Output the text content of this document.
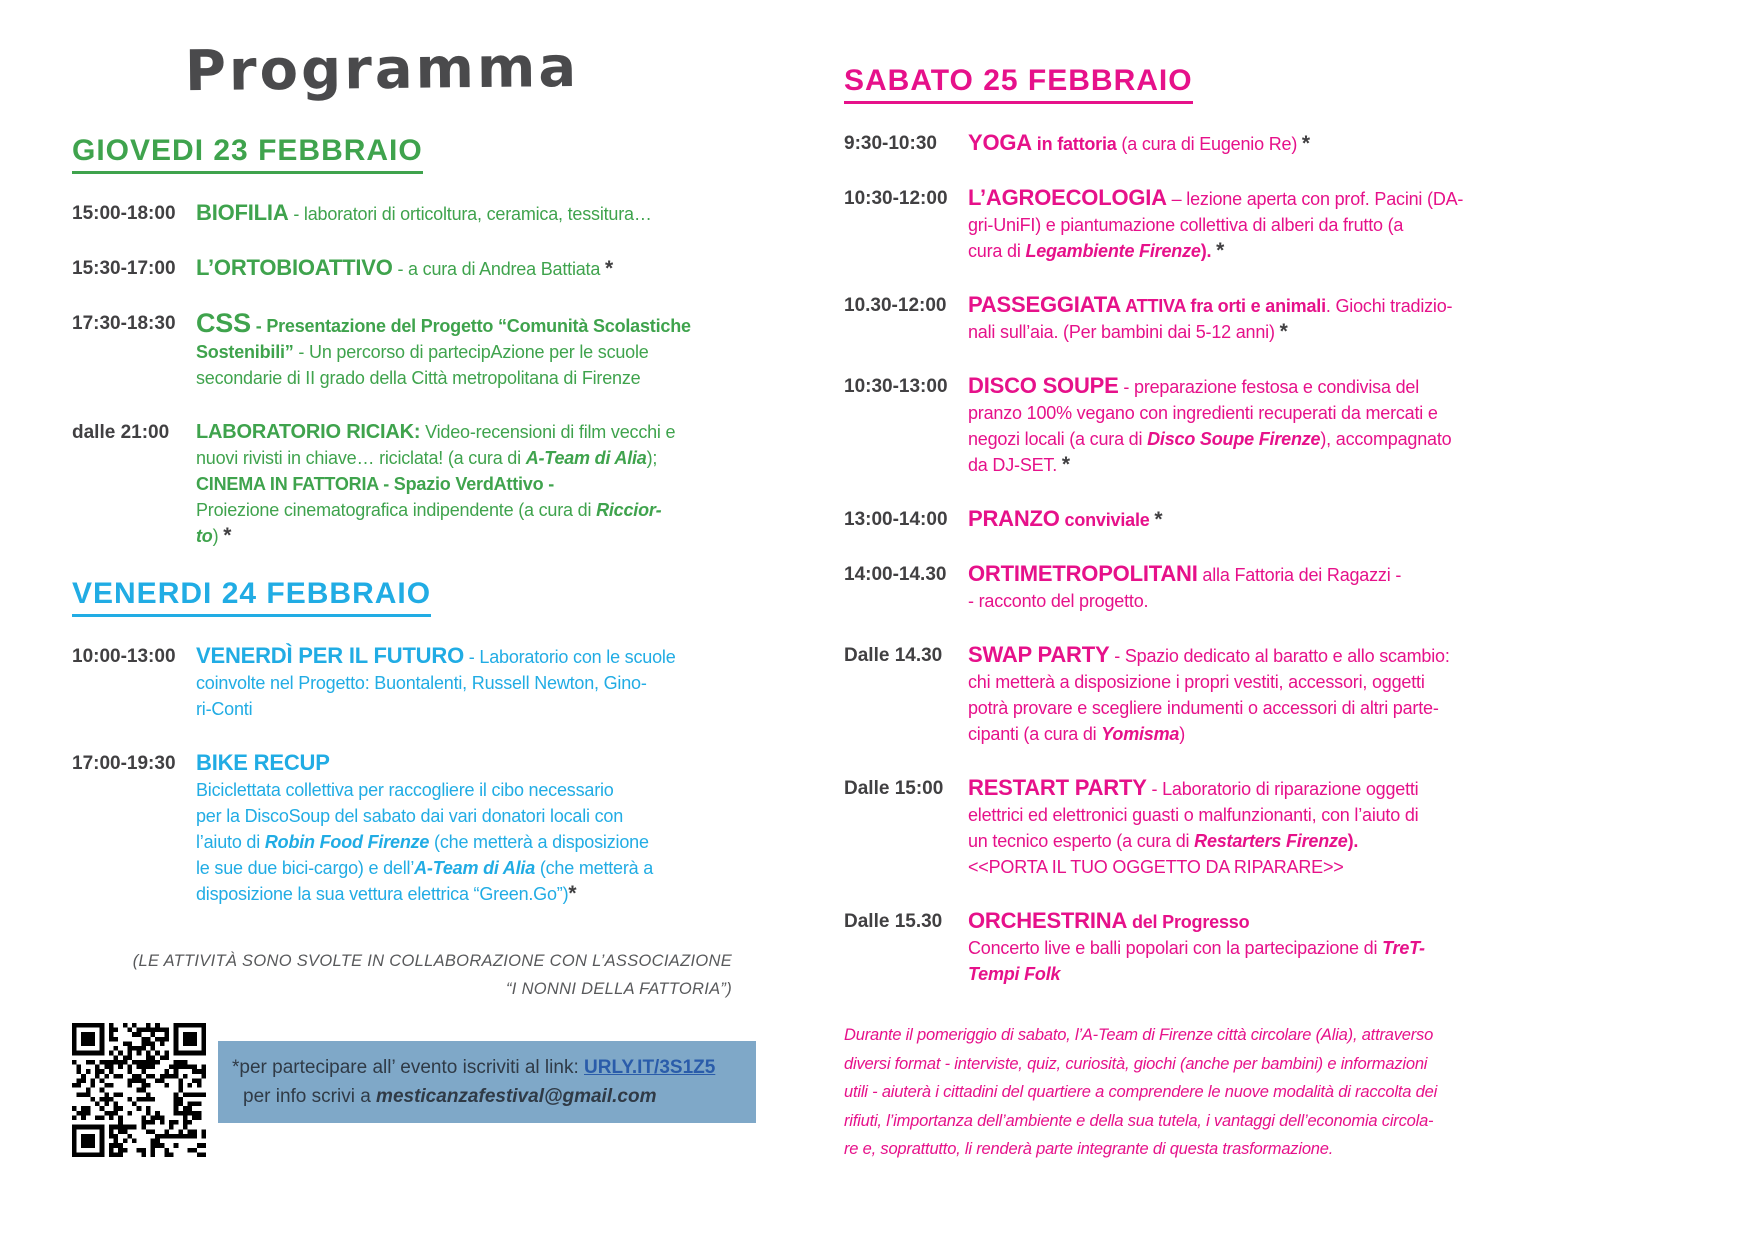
Programma
GIOVEDI 23 FEBBRAIO
15:00-18:00 BIOFILIA - laboratori di orticoltura, ceramica, tessitura…
15:30-17:00 L’ORTOBIOATTIVO - a cura di Andrea Battiata *
17:30-18:30 CSS - Presentazione del Progetto “Comunità Scolastiche
Sostenibili” - Un percorso di partecipAzione per le scuole
secondarie di II grado della Città metropolitana di Firenze
dalle 21:00	LABORATORIO RICIAK: Video-recensioni di film vecchi e
nuovi rivisti in chiave… riciclata! (a cura di A-Team di Alia);
CINEMA IN FATTORIA - Spazio VerdAttivo -
Proiezione cinematografica indipendente (a cura di Riccior-
to) *
VENERDI 24 FEBBRAIO
10:00-13:00 VENERDÌ PER IL FUTURO - Laboratorio con le scuole
coinvolte nel Progetto: Buontalenti, Russell Newton, Gino-
ri-Conti
17:00-19:30 BIKE RECUP
Biciclettata collettiva per raccogliere il cibo necessario
per la DiscoSoup del sabato dai vari donatori locali con
l’aiuto di Robin Food Firenze (che metterà a disposizione
le sue due bici-cargo) e dell’A-Team di Alia (che metterà a
disposizione la sua vettura elettrica “Green.Go”)*

(LE ATTIVITÀ SONO SVOLTE IN COLLABORAZIONE CON L’ASSOCIAZIONE
“I NONNI DELLA FATTORIA”)

*per partecipare all’ evento iscriviti al link: URLY.IT/3S1Z5
per info scrivi a mesticanzafestival@gmail.com
SABATO 25 FEBBRAIO
9:30-10:30	YOGA in fattoria (a cura di Eugenio Re) *
10:30-12:00 L’AGROECOLOGIA – lezione aperta con prof. Pacini (DA-
gri-UniFI) e piantumazione collettiva di alberi da frutto (a
cura di Legambiente Firenze). *
10.30-12:00 PASSEGGIATA ATTIVA fra orti e animali. Giochi tradizio-
nali sull’aia. (Per bambini dai 5-12 anni) *
10:30-13:00 DISCO SOUPE - preparazione festosa e condivisa del
pranzo 100% vegano con ingredienti recuperati da mercati e
negozi locali (a cura di Disco Soupe Firenze), accompagnato
da DJ-SET. *
13:00-14:00 PRANZO conviviale *
14:00-14.30 ORTIMETROPOLITANI alla Fattoria dei Ragazzi -
- racconto del progetto.
Dalle 14.30	SWAP PARTY - Spazio dedicato al baratto e allo scambio:
chi metterà a disposizione i propri vestiti, accessori, oggetti
potrà provare e scegliere indumenti o accessori di altri parte-
cipanti (a cura di Yomisma)
Dalle 15:00	RESTART PARTY - Laboratorio di riparazione oggetti
elettrici ed elettronici guasti o malfunzionanti, con l’aiuto di
un tecnico esperto (a cura di Restarters Firenze).
<<PORTA IL TUO OGGETTO DA RIPARARE>>
Dalle 15.30	ORCHESTRINA del Progresso
Concerto live e balli popolari con la partecipazione di TreT-
Tempi Folk

Durante il pomeriggio di sabato, l’A-Team di Firenze città circolare (Alia), attraverso
diversi format - interviste, quiz, curiosità, giochi (anche per bambini) e informazioni
utili - aiuterà i cittadini del quartiere a comprendere le nuove modalità di raccolta dei
rifiuti, l’importanza dell’ambiente e della sua tutela, i vantaggi dell’economia circola-
re e, soprattutto, li renderà parte integrante di questa trasformazione.
